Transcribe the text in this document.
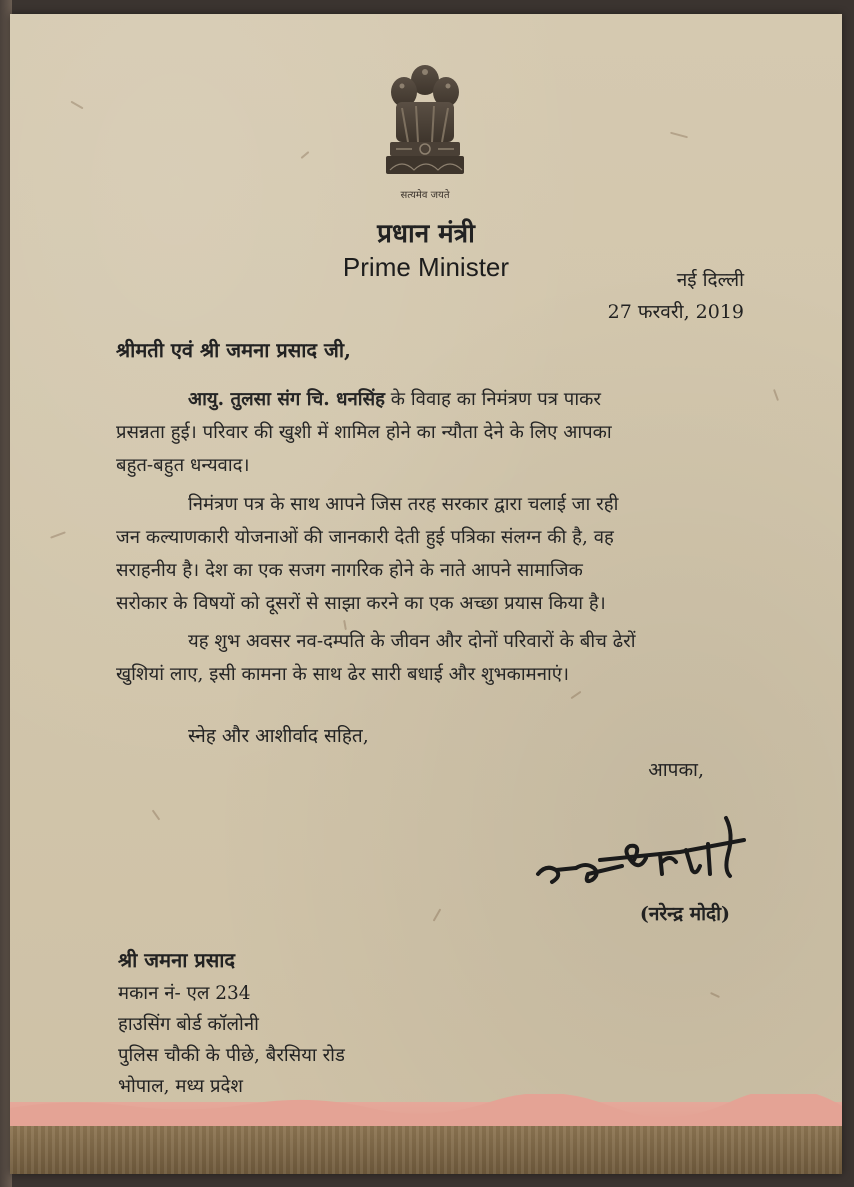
सत्यमेव जयते
प्रधान मंत्री
Prime Minister	नई दिल्ली
27 फरवरी, 2019
श्रीमती एवं श्री जमना प्रसाद जी,
आयु. तुलसा संग चि. धनसिंह के विवाह का निमंत्रण पत्र पाकर
प्रसन्नता हुई। परिवार की खुशी में शामिल होने का न्यौता देने के लिए आपका
बहुत-बहुत धन्यवाद।
निमंत्रण पत्र के साथ आपने जिस तरह सरकार द्वारा चलाई जा रही
जन कल्याणकारी योजनाओं की जानकारी देती हुई पत्रिका संलग्न की है, वह
सराहनीय है। देश का एक सजग नागरिक होने के नाते आपने सामाजिक
सरोकार के विषयों को दूसरों से साझा करने का एक अच्छा प्रयास किया है।
यह शुभ अवसर नव-दम्पति के जीवन और दोनों परिवारों के बीच ढेरों
खुशियां लाए, इसी कामना के साथ ढेर सारी बधाई और शुभकामनाएं।
स्नेह और आशीर्वाद सहित,
आपका,
(नरेन्द्र मोदी)
श्री जमना प्रसाद
मकान नं- एल 234
हाउसिंग बोर्ड कॉलोनी
पुलिस चौकी के पीछे, बैरसिया रोड
भोपाल, मध्य प्रदेश
